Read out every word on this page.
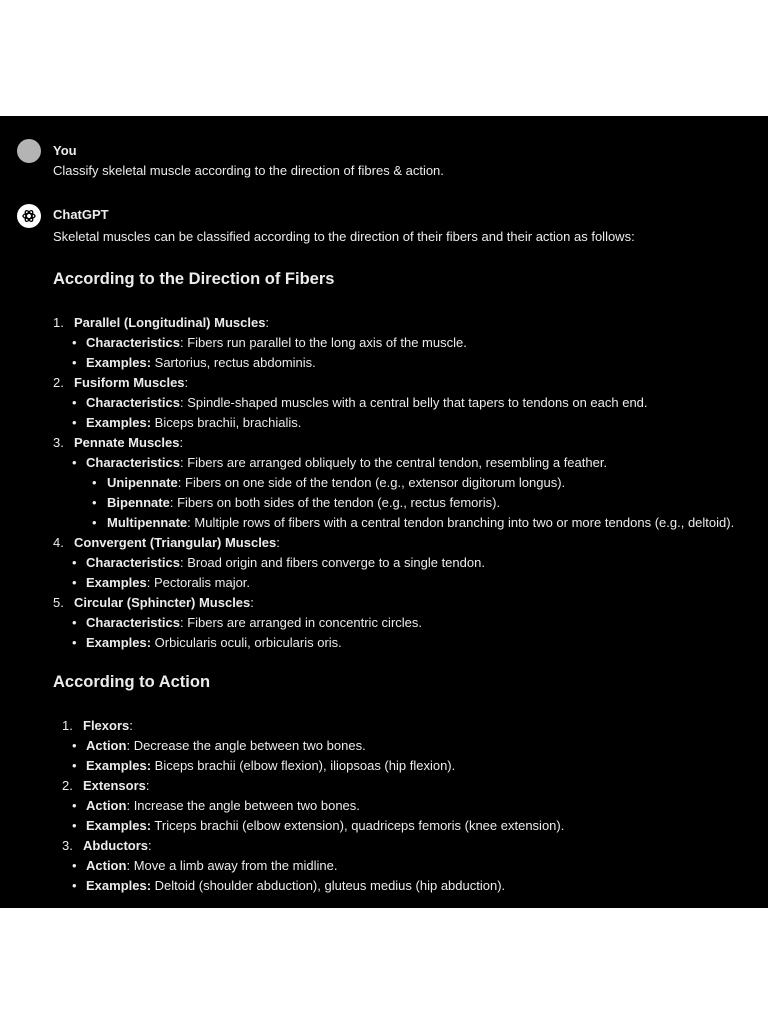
You
Classify skeletal muscle according to the direction of fibres & action.
ChatGPT
Skeletal muscles can be classified according to the direction of their fibers and their action as follows:
According to the Direction of Fibers
1. Parallel (Longitudinal) Muscles:
• Characteristics: Fibers run parallel to the long axis of the muscle.
• Examples: Sartorius, rectus abdominis.
2. Fusiform Muscles:
• Characteristics: Spindle-shaped muscles with a central belly that tapers to tendons on each end.
• Examples: Biceps brachii, brachialis.
3. Pennate Muscles:
• Characteristics: Fibers are arranged obliquely to the central tendon, resembling a feather.
• Unipennate: Fibers on one side of the tendon (e.g., extensor digitorum longus).
• Bipennate: Fibers on both sides of the tendon (e.g., rectus femoris).
• Multipennate: Multiple rows of fibers with a central tendon branching into two or more tendons (e.g., deltoid).
4. Convergent (Triangular) Muscles:
• Characteristics: Broad origin and fibers converge to a single tendon.
• Examples: Pectoralis major.
5. Circular (Sphincter) Muscles:
• Characteristics: Fibers are arranged in concentric circles.
• Examples: Orbicularis oculi, orbicularis oris.
According to Action
1. Flexors:
• Action: Decrease the angle between two bones.
• Examples: Biceps brachii (elbow flexion), iliopsoas (hip flexion).
2. Extensors:
• Action: Increase the angle between two bones.
• Examples: Triceps brachii (elbow extension), quadriceps femoris (knee extension).
3. Abductors:
• Action: Move a limb away from the midline.
• Examples: Deltoid (shoulder abduction), gluteus medius (hip abduction).
